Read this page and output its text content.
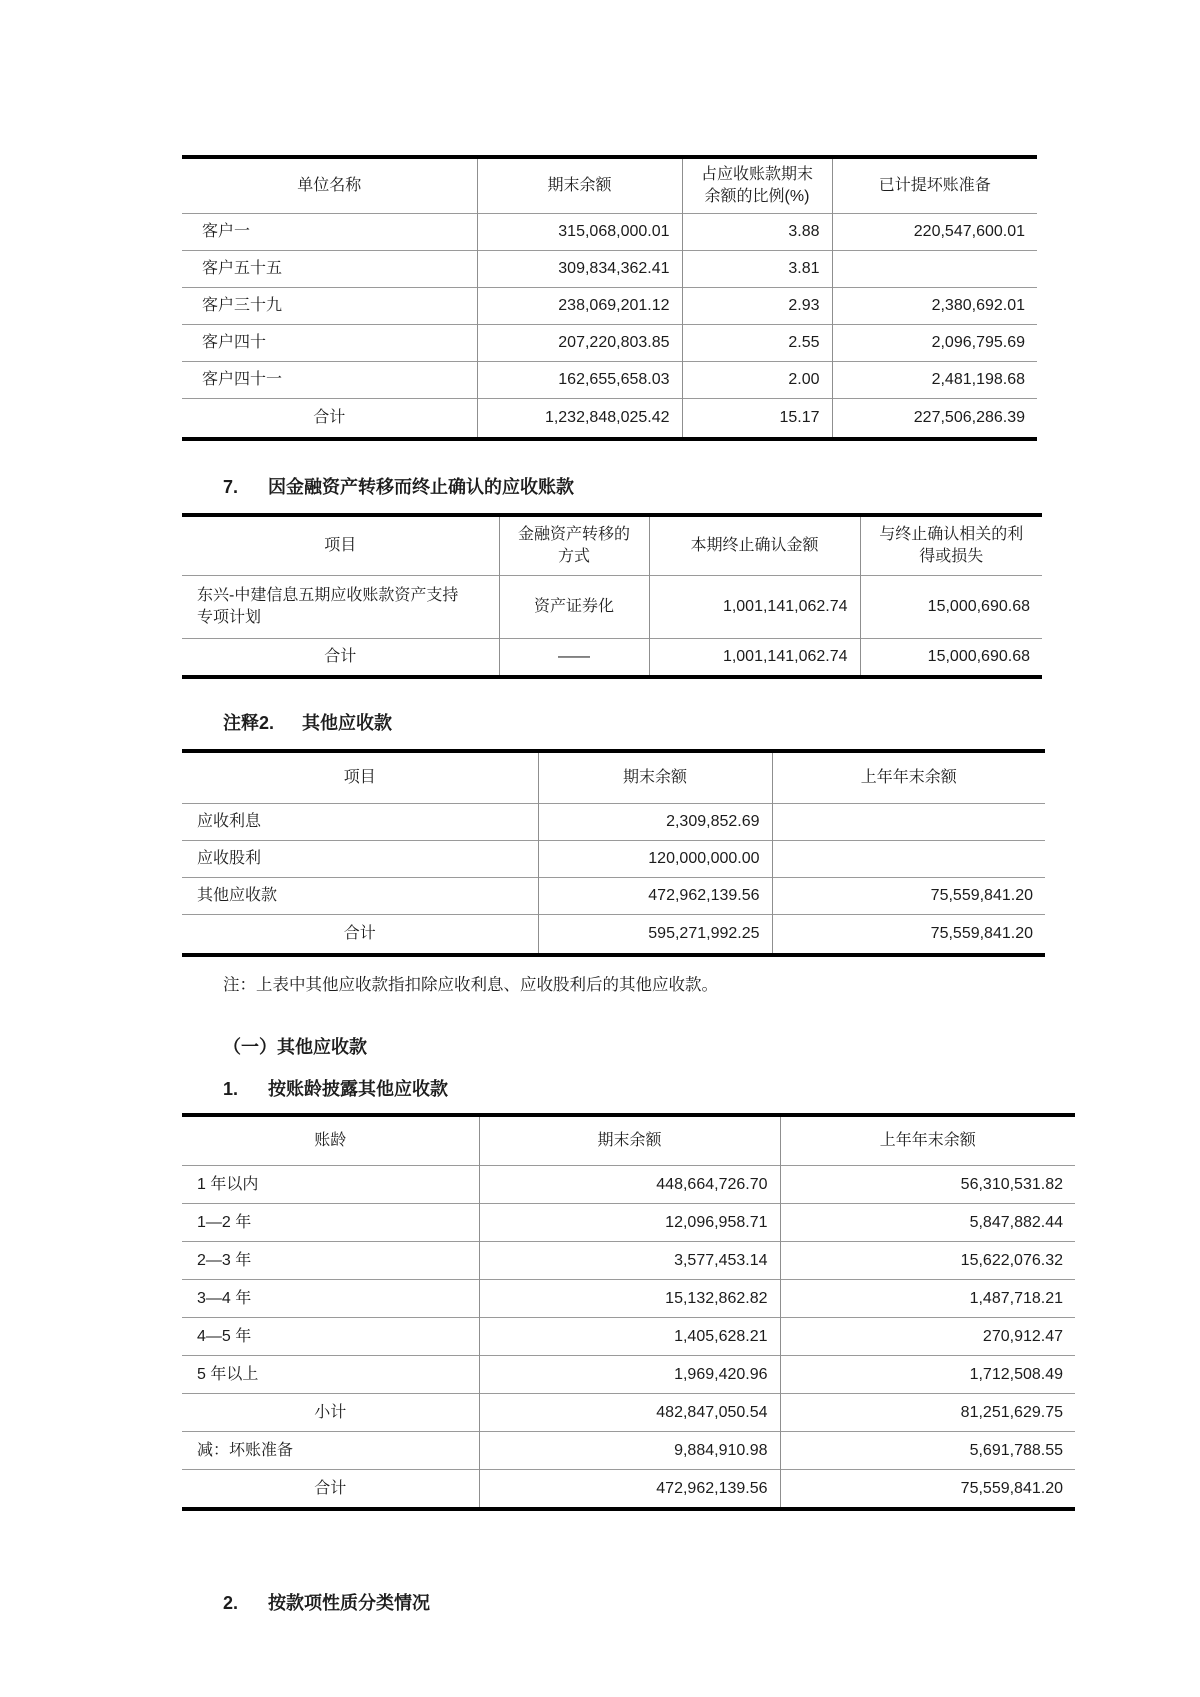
单位名称	期末余额	占应收账款期末余额的比例(%)	已计提坏账准备
客户一	315,068,000.01	3.88	220,547,600.01
客户五十五	309,834,362.41	3.81	
客户三十九	238,069,201.12	2.93	2,380,692.01
客户四十	207,220,803.85	2.55	2,096,795.69
客户四十一	162,655,658.03	2.00	2,481,198.68
合计	1,232,848,025.42	15.17	227,506,286.39
7. 因金融资产转移而终止确认的应收账款
项目	金融资产转移的方式	本期终止确认金额	与终止确认相关的利得或损失
东兴-中建信息五期应收账款资产支持专项计划	资产证券化	1,001,141,062.74	15,000,690.68
合计	——	1,001,141,062.74	15,000,690.68
注释2. 其他应收款
项目	期末余额	上年年末余额
应收利息	2,309,852.69	
应收股利	120,000,000.00	
其他应收款	472,962,139.56	75,559,841.20
合计	595,271,992.25	75,559,841.20
注：上表中其他应收款指扣除应收利息、应收股利后的其他应收款。
（一）其他应收款
1. 按账龄披露其他应收款
账龄	期末余额	上年年末余额
1 年以内	448,664,726.70	56,310,531.82
1—2 年	12,096,958.71	5,847,882.44
2—3 年	3,577,453.14	15,622,076.32
3—4 年	15,132,862.82	1,487,718.21
4—5 年	1,405,628.21	270,912.47
5 年以上	1,969,420.96	1,712,508.49
小计	482,847,050.54	81,251,629.75
减：坏账准备	9,884,910.98	5,691,788.55
合计	472,962,139.56	75,559,841.20
2. 按款项性质分类情况
